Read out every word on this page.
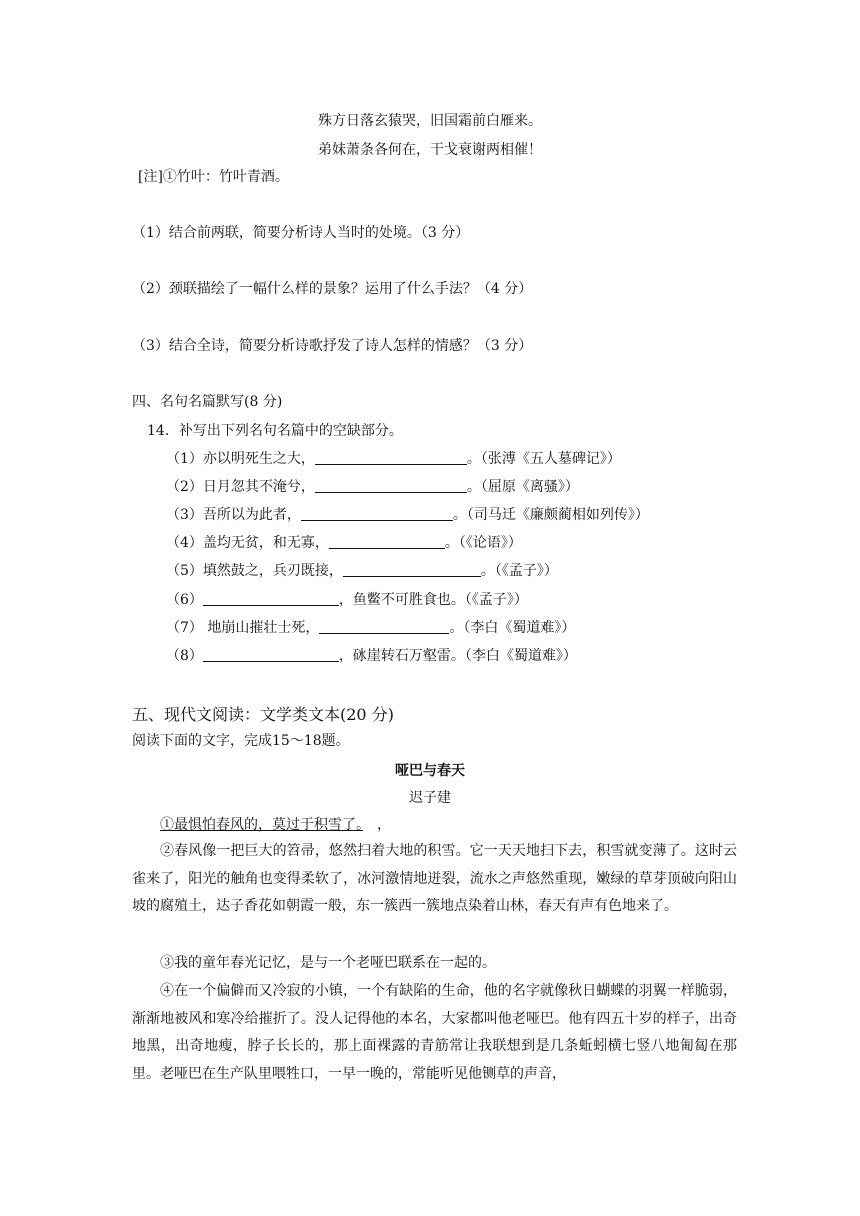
殊方日落玄猿哭，旧国霜前白雁来。
弟妹萧条各何在，干戈衰谢两相催！
[注]①竹叶：竹叶青酒。
（1）结合前两联，简要分析诗人当时的处境。（3 分）
（2）颈联描绘了一幅什么样的景象？运用了什么手法？（4 分）
（3）结合全诗，简要分析诗歌抒发了诗人怎样的情感？（3 分）
四、名句名篇默写(8 分)
14．补写出下列名句名篇中的空缺部分。
（1）亦以明死生之大，	。（张溥《五人墓碑记》）
（2）日月忽其不淹兮，	。（屈原《离骚》）
（3）吾所以为此者，	。（司马迁《廉颇蔺相如列传》）
（4）盖均无贫，和无寡，	。（《论语》）
（5）填然鼓之，兵刃既接，	。（《孟子》）
（6）	，鱼鳖不可胜食也。（《孟子》）
（7） 地崩山摧壮士死，	。（李白《蜀道难》）
（8）	，砯崖转石万壑雷。（李白《蜀道难》）
五、现代文阅读：文学类文本(20 分)
阅读下面的文字，完成15～18题。
哑巴与春天
迟子建
①最惧怕春风的，莫过于积雪了。　，
②春风像一把巨大的笤帚，悠然扫着大地的积雪。它一天天地扫下去，积雪就变薄了。这时云雀来了，阳光的触角也变得柔软了，冰河激情地迸裂，流水之声悠然重现，嫩绿的草芽顶破向阳山坡的腐殖土，达子香花如朝霞一般，东一簇西一簇地点染着山林，春天有声有色地来了。
③我的童年春光记忆，是与一个老哑巴联系在一起的。
④在一个偏僻而又冷寂的小镇，一个有缺陷的生命，他的名字就像秋日蝴蝶的羽翼一样脆弱，渐渐地被风和寒冷给摧折了。没人记得他的本名，大家都叫他老哑巴。他有四五十岁的样子，出奇地黑，出奇地瘦，脖子长长的，那上面裸露的青筋常让我联想到是几条蚯蚓横七竖八地匍匐在那里。老哑巴在生产队里喂牲口，一早一晚的，常能听见他铡草的声音，
